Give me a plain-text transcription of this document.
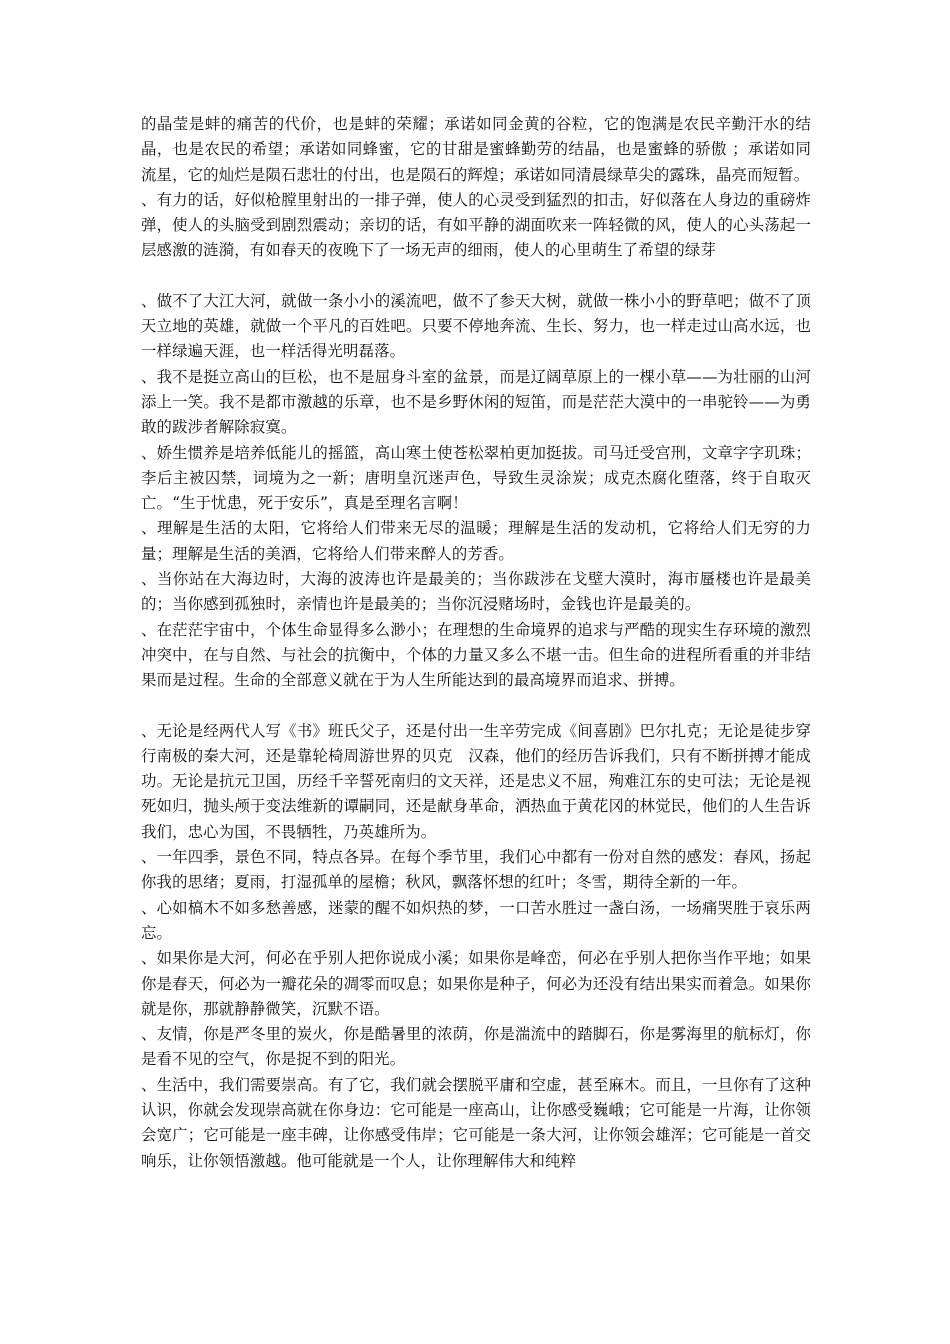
的晶莹是蚌的痛苦的代价，也是蚌的荣耀；承诺如同金黄的谷粒，它的饱满是农民辛勤汗水的结晶，也是农民的希望；承诺如同蜂蜜，它的甘甜是蜜蜂勤劳的结晶，也是蜜蜂的骄傲 ；承诺如同流星，它的灿烂是陨石悲壮的付出，也是陨石的辉煌；承诺如同清晨绿草尖的露珠，晶亮而短暂。

、有力的话，好似枪膛里射出的一排子弹，使人的心灵受到猛烈的扣击，好似落在人身边的重磅炸弹，使人的头脑受到剧烈震动；亲切的话，有如平静的湖面吹来一阵轻微的风，使人的心头荡起一层感激的涟漪，有如春天的夜晚下了一场无声的细雨，使人的心里萌生了希望的绿芽

、做不了大江大河，就做一条小小的溪流吧，做不了参天大树，就做一株小小的野草吧；做不了顶天立地的英雄，就做一个平凡的百姓吧。只要不停地奔流、生长、努力，也一样走过山高水远，也一样绿遍天涯，也一样活得光明磊落。

、我不是挺立高山的巨松，也不是屈身斗室的盆景，而是辽阔草原上的一棵小草——为壮丽的山河添上一笑。我不是都市激越的乐章，也不是乡野休闲的短笛，而是茫茫大漠中的一串驼铃——为勇敢的跋涉者解除寂寞。

、娇生惯养是培养低能儿的摇篮，高山寒土使苍松翠柏更加挺拔。司马迁受宫刑，文章字字玑珠；李后主被囚禁，词境为之一新；唐明皇沉迷声色，导致生灵涂炭；成克杰腐化堕落，终于自取灭亡。“生于忧患，死于安乐”，真是至理名言啊！

、理解是生活的太阳，它将给人们带来无尽的温暖；理解是生活的发动机，它将给人们无穷的力量；理解是生活的美酒，它将给人们带来醉人的芳香。

、当你站在大海边时，大海的波涛也许是最美的；当你跋涉在戈壁大漠时，海市蜃楼也许是最美的；当你感到孤独时，亲情也许是最美的；当你沉浸赌场时，金钱也许是最美的。

、在茫茫宇宙中，个体生命显得多么渺小；在理想的生命境界的追求与严酷的现实生存环境的激烈冲突中，在与自然、与社会的抗衡中，个体的力量又多么不堪一击。但生命的进程所看重的并非结果而是过程。生命的全部意义就在于为人生所能达到的最高境界而追求、拼搏。

、无论是经两代人写《书》班氏父子，还是付出一生辛劳完成《间喜剧》巴尔扎克；无论是徒步穿行南极的秦大河，还是靠轮椅周游世界的贝克　汉森，他们的经历告诉我们，只有不断拼搏才能成功。无论是抗元卫国，历经千辛誓死南归的文天祥，还是忠义不屈，殉难江东的史可法；无论是视死如归，抛头颅于变法维新的谭嗣同，还是献身革命，洒热血于黄花冈的林觉民，他们的人生告诉我们，忠心为国，不畏牺牲，乃英雄所为。

、一年四季，景色不同，特点各异。在每个季节里，我们心中都有一份对自然的感发：春风，扬起你我的思绪；夏雨，打湿孤单的屋檐；秋风，飘落怀想的红叶；冬雪，期待全新的一年。

、心如槁木不如多愁善感，迷蒙的醒不如炽热的梦，一口苦水胜过一盏白汤，一场痛哭胜于哀乐两忘。

、如果你是大河，何必在乎别人把你说成小溪；如果你是峰峦，何必在乎别人把你当作平地；如果你是春天，何必为一瓣花朵的凋零而叹息；如果你是种子，何必为还没有结出果实而着急。如果你就是你，那就静静微笑，沉默不语。

、友情，你是严冬里的炭火，你是酷暑里的浓荫，你是湍流中的踏脚石，你是雾海里的航标灯，你是看不见的空气，你是捉不到的阳光。

、生活中，我们需要崇高。有了它，我们就会摆脱平庸和空虚，甚至麻木。而且，一旦你有了这种认识，你就会发现崇高就在你身边：它可能是一座高山，让你感受巍峨；它可能是一片海，让你领会宽广；它可能是一座丰碑，让你感受伟岸；它可能是一条大河，让你领会雄浑；它可能是一首交响乐，让你领悟激越。他可能就是一个人，让你理解伟大和纯粹
